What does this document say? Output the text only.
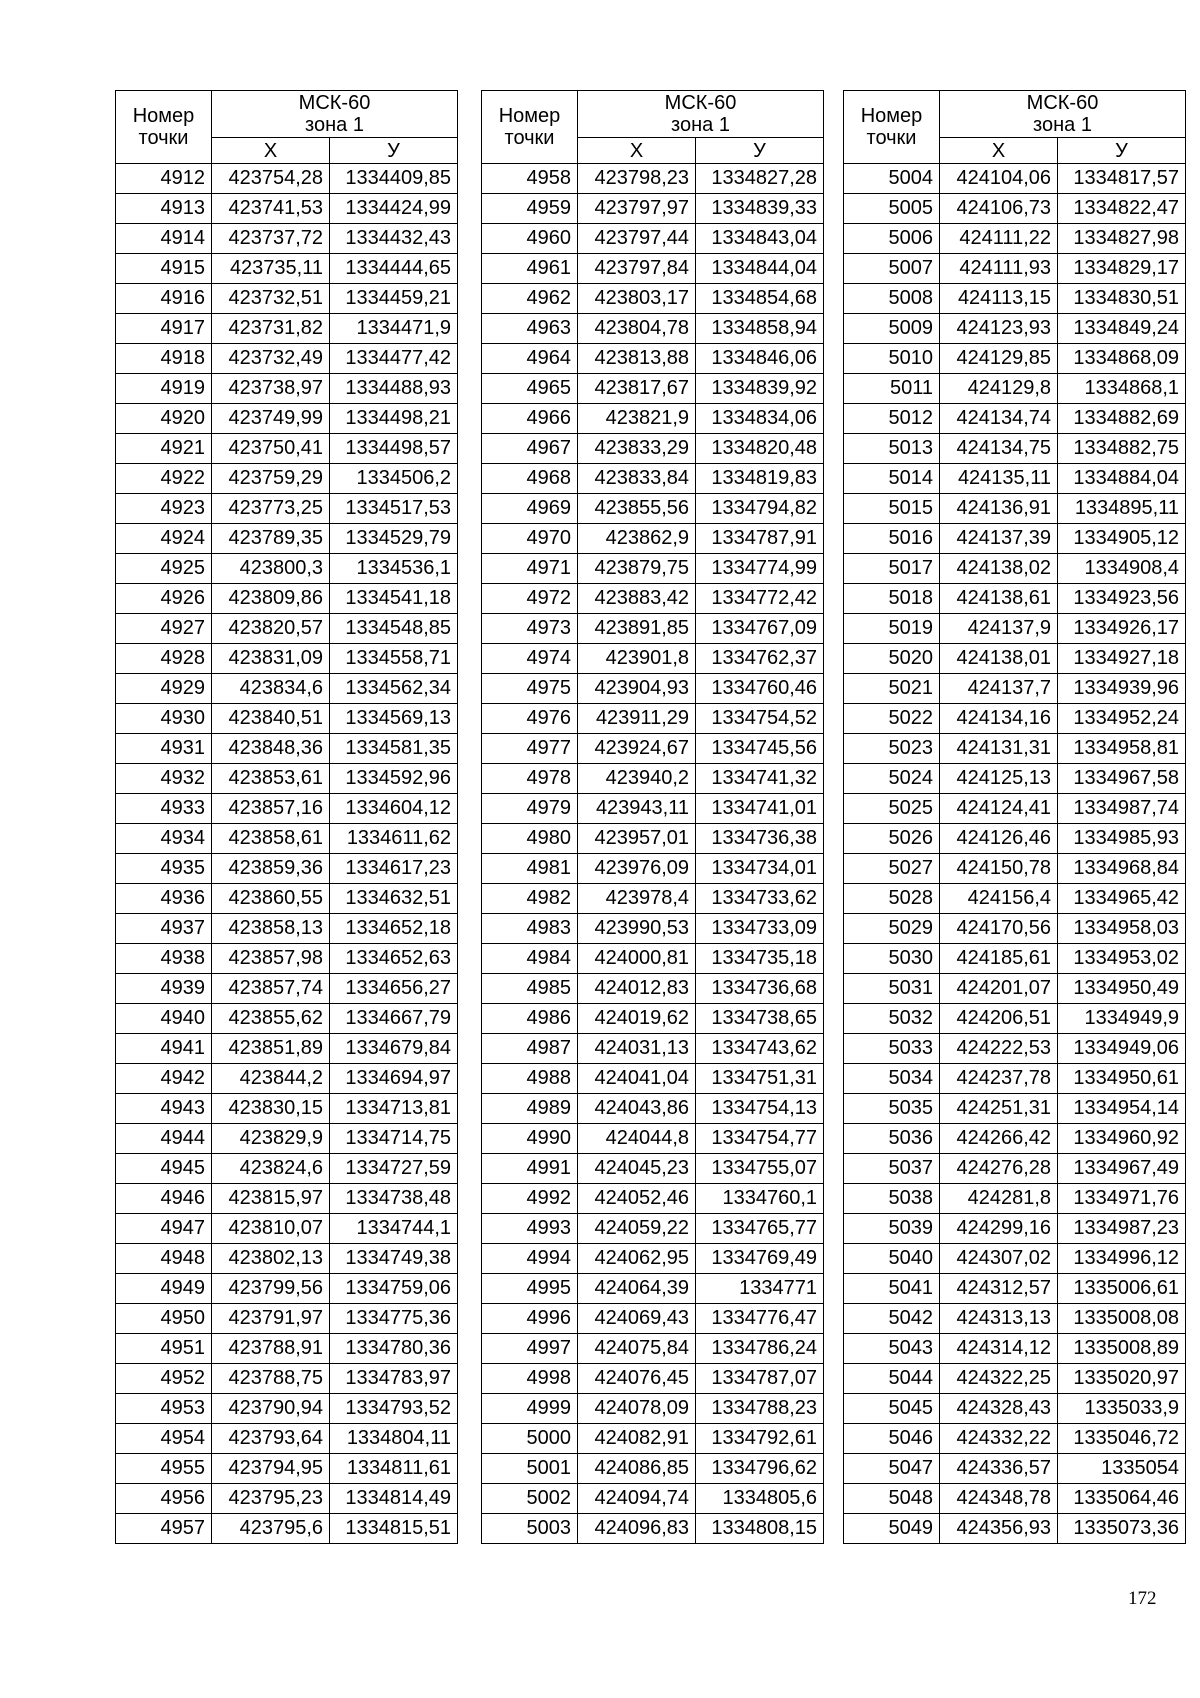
Номер
точки	МСК-60
зона 1	
	Х	У
4912	423754,28	1334409,85
4913	423741,53	1334424,99
4914	423737,72	1334432,43
4915	423735,11	1334444,65
4916	423732,51	1334459,21
4917	423731,82	1334471,9
4918	423732,49	1334477,42
4919	423738,97	1334488,93
4920	423749,99	1334498,21
4921	423750,41	1334498,57
4922	423759,29	1334506,2
4923	423773,25	1334517,53
4924	423789,35	1334529,79
4925	423800,3	1334536,1
4926	423809,86	1334541,18
4927	423820,57	1334548,85
4928	423831,09	1334558,71
4929	423834,6	1334562,34
4930	423840,51	1334569,13
4931	423848,36	1334581,35
4932	423853,61	1334592,96
4933	423857,16	1334604,12
4934	423858,61	1334611,62
4935	423859,36	1334617,23
4936	423860,55	1334632,51
4937	423858,13	1334652,18
4938	423857,98	1334652,63
4939	423857,74	1334656,27
4940	423855,62	1334667,79
4941	423851,89	1334679,84
4942	423844,2	1334694,97
4943	423830,15	1334713,81
4944	423829,9	1334714,75
4945	423824,6	1334727,59
4946	423815,97	1334738,48
4947	423810,07	1334744,1
4948	423802,13	1334749,38
4949	423799,56	1334759,06
4950	423791,97	1334775,36
4951	423788,91	1334780,36
4952	423788,75	1334783,97
4953	423790,94	1334793,52
4954	423793,64	1334804,11
4955	423794,95	1334811,61
4956	423795,23	1334814,49
4957	423795,6	1334815,51
Номер
точки	МСК-60
зона 1	
	Х	У
4958	423798,23	1334827,28
4959	423797,97	1334839,33
4960	423797,44	1334843,04
4961	423797,84	1334844,04
4962	423803,17	1334854,68
4963	423804,78	1334858,94
4964	423813,88	1334846,06
4965	423817,67	1334839,92
4966	423821,9	1334834,06
4967	423833,29	1334820,48
4968	423833,84	1334819,83
4969	423855,56	1334794,82
4970	423862,9	1334787,91
4971	423879,75	1334774,99
4972	423883,42	1334772,42
4973	423891,85	1334767,09
4974	423901,8	1334762,37
4975	423904,93	1334760,46
4976	423911,29	1334754,52
4977	423924,67	1334745,56
4978	423940,2	1334741,32
4979	423943,11	1334741,01
4980	423957,01	1334736,38
4981	423976,09	1334734,01
4982	423978,4	1334733,62
4983	423990,53	1334733,09
4984	424000,81	1334735,18
4985	424012,83	1334736,68
4986	424019,62	1334738,65
4987	424031,13	1334743,62
4988	424041,04	1334751,31
4989	424043,86	1334754,13
4990	424044,8	1334754,77
4991	424045,23	1334755,07
4992	424052,46	1334760,1
4993	424059,22	1334765,77
4994	424062,95	1334769,49
4995	424064,39	1334771
4996	424069,43	1334776,47
4997	424075,84	1334786,24
4998	424076,45	1334787,07
4999	424078,09	1334788,23
5000	424082,91	1334792,61
5001	424086,85	1334796,62
5002	424094,74	1334805,6
5003	424096,83	1334808,15
Номер
точки	МСК-60
зона 1	
	Х	У
5004	424104,06	1334817,57
5005	424106,73	1334822,47
5006	424111,22	1334827,98
5007	424111,93	1334829,17
5008	424113,15	1334830,51
5009	424123,93	1334849,24
5010	424129,85	1334868,09
5011	424129,8	1334868,1
5012	424134,74	1334882,69
5013	424134,75	1334882,75
5014	424135,11	1334884,04
5015	424136,91	1334895,11
5016	424137,39	1334905,12
5017	424138,02	1334908,4
5018	424138,61	1334923,56
5019	424137,9	1334926,17
5020	424138,01	1334927,18
5021	424137,7	1334939,96
5022	424134,16	1334952,24
5023	424131,31	1334958,81
5024	424125,13	1334967,58
5025	424124,41	1334987,74
5026	424126,46	1334985,93
5027	424150,78	1334968,84
5028	424156,4	1334965,42
5029	424170,56	1334958,03
5030	424185,61	1334953,02
5031	424201,07	1334950,49
5032	424206,51	1334949,9
5033	424222,53	1334949,06
5034	424237,78	1334950,61
5035	424251,31	1334954,14
5036	424266,42	1334960,92
5037	424276,28	1334967,49
5038	424281,8	1334971,76
5039	424299,16	1334987,23
5040	424307,02	1334996,12
5041	424312,57	1335006,61
5042	424313,13	1335008,08
5043	424314,12	1335008,89
5044	424322,25	1335020,97
5045	424328,43	1335033,9
5046	424332,22	1335046,72
5047	424336,57	1335054
5048	424348,78	1335064,46
5049	424356,93	1335073,36
172
